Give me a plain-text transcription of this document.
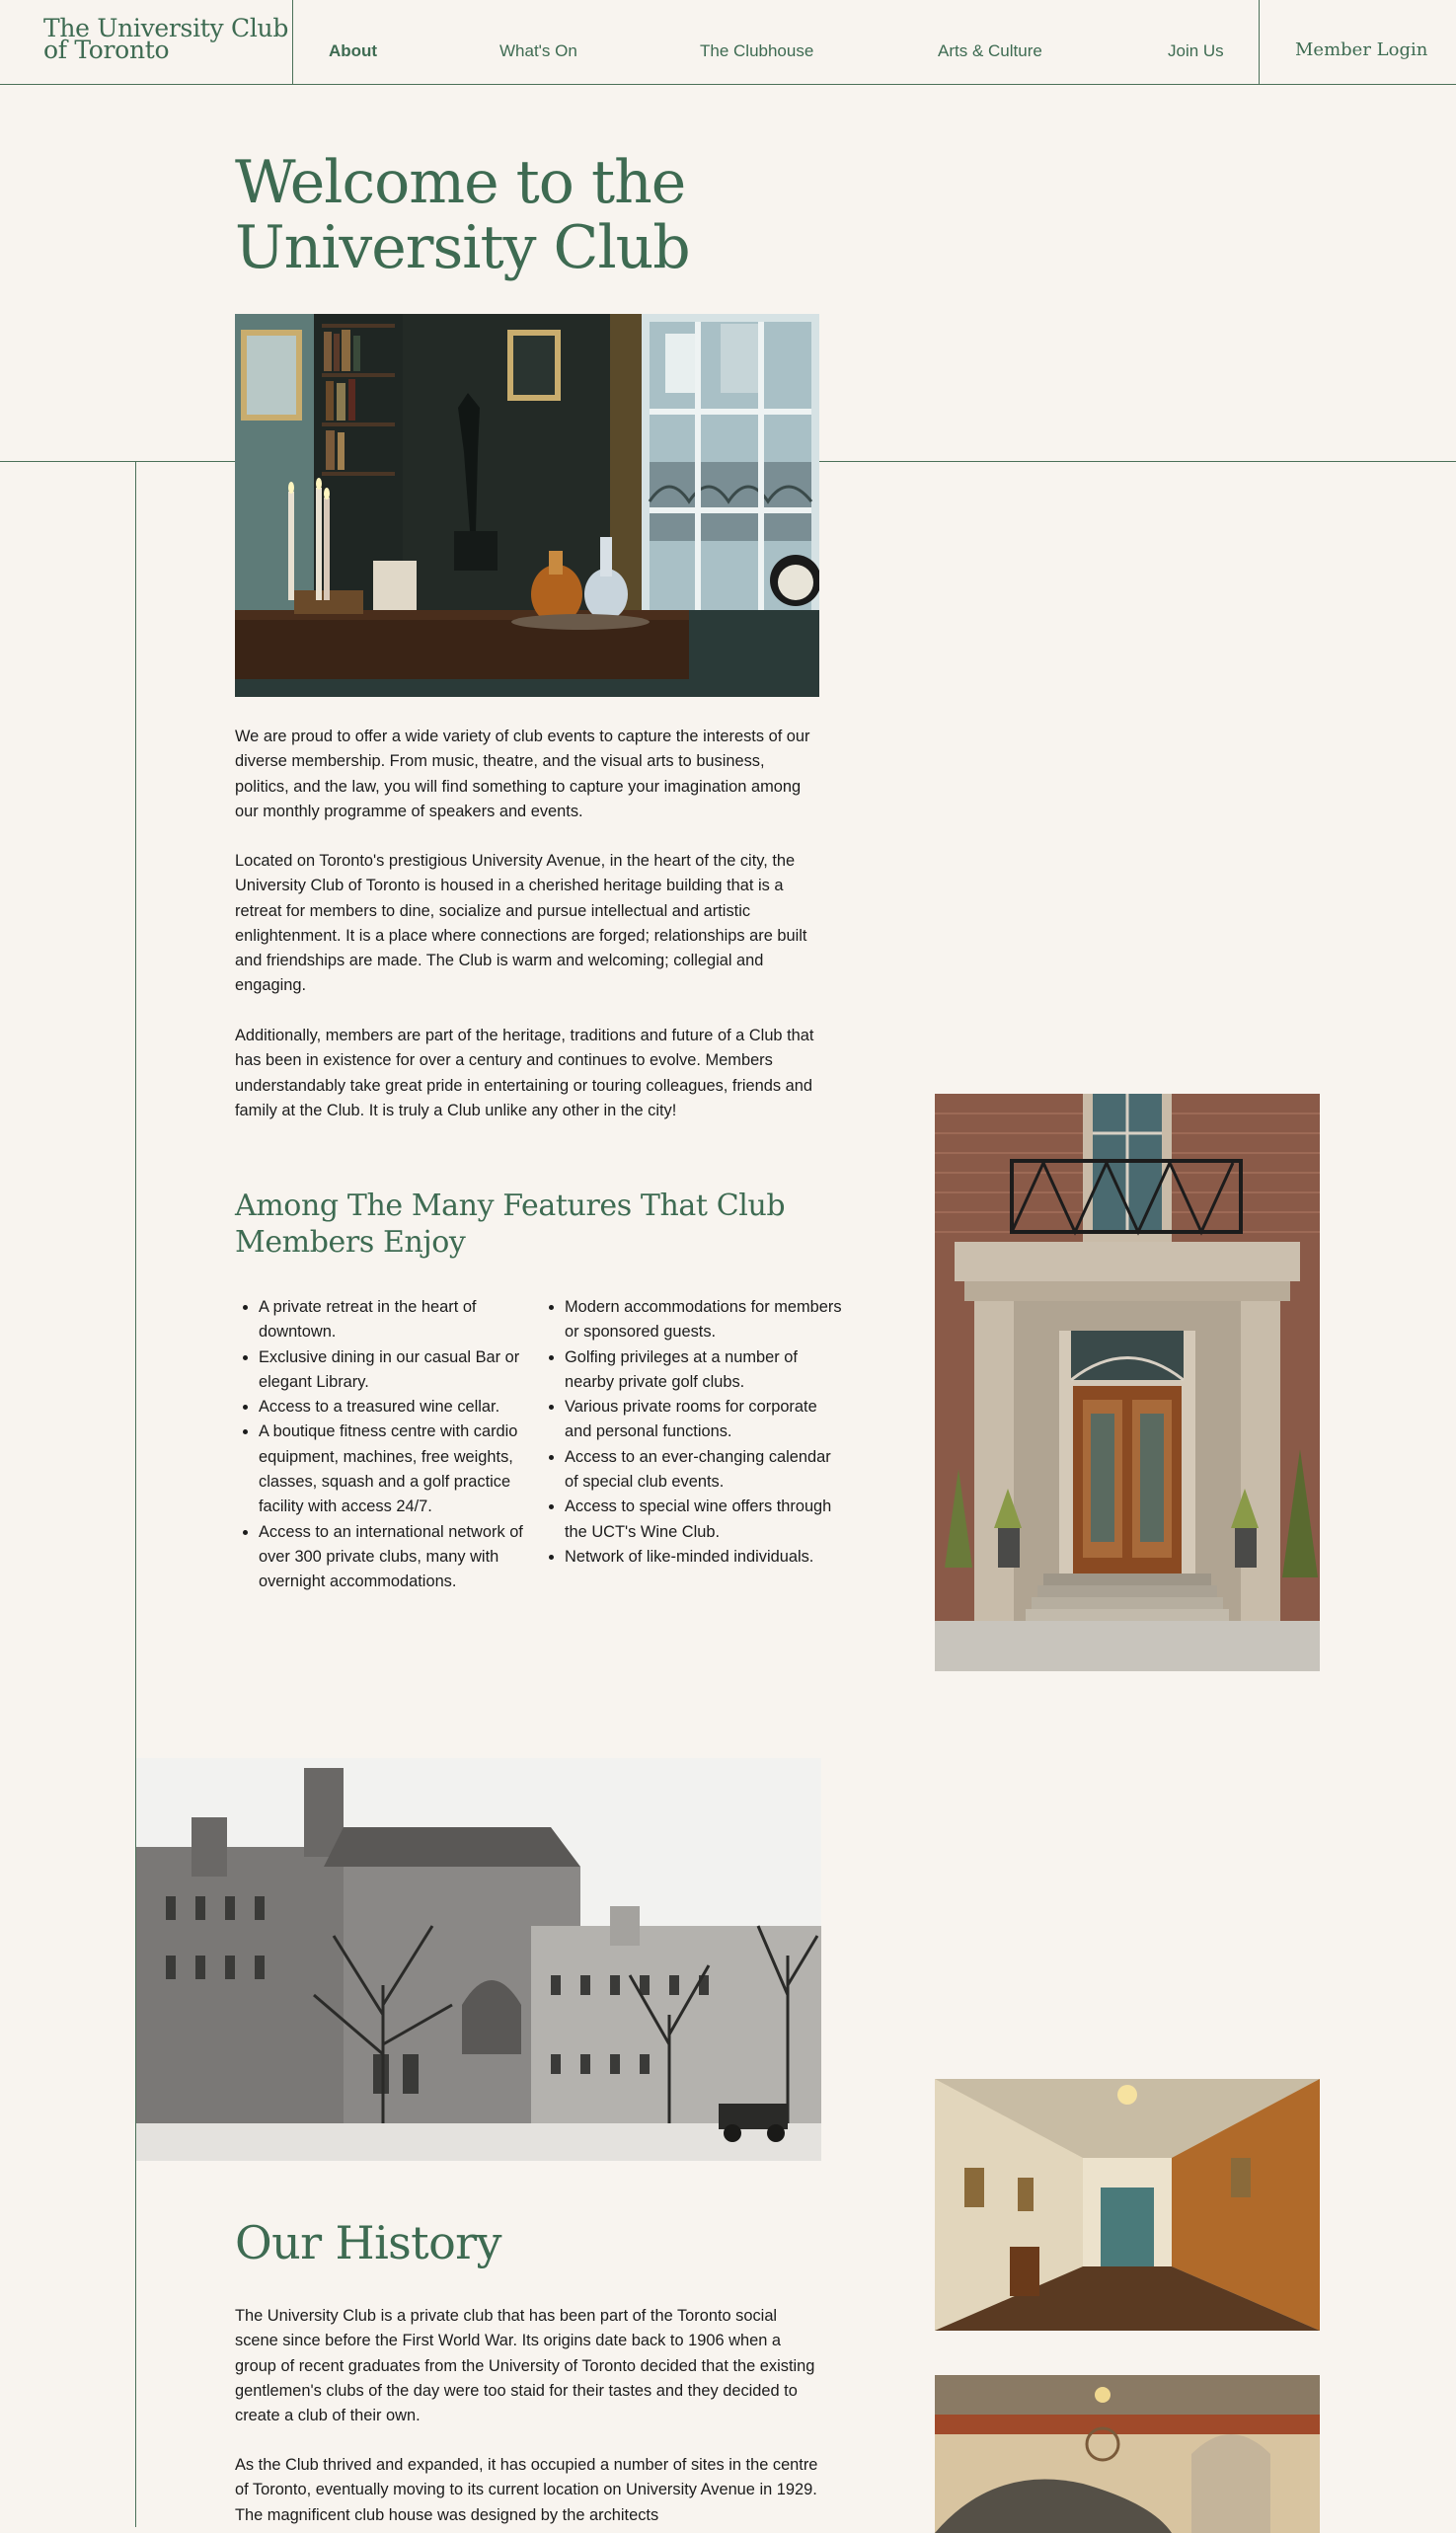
The University Club
of Toronto	About	What's On	The Clubhouse	Arts & Culture	Join Us	Member Login
Welcome to the University Club

We are proud to offer a wide variety of club events to capture the interests of our diverse membership. From music, theatre, and the visual arts to business, politics, and the law, you will find something to capture your imagination among our monthly programme of speakers and events.

Located on Toronto's prestigious University Avenue, in the heart of the city, the University Club of Toronto is housed in a cherished heritage building that is a retreat for members to dine, socialize and pursue intellectual and artistic enlightenment. It is a place where connections are forged; relationships are built and friendships are made. The Club is warm and welcoming; collegial and engaging.

Additionally, members are part of the heritage, traditions and future of a Club that has been in existence for over a century and continues to evolve. Members understandably take great pride in entertaining or touring colleagues, friends and family at the Club. It is truly a Club unlike any other in the city!

Among The Many Features That Club Members Enjoy
• A private retreat in the heart of downtown.
• Exclusive dining in our casual Bar or elegant Library.
• Access to a treasured wine cellar.
• A boutique fitness centre with cardio equipment, machines, free weights, classes, squash and a golf practice facility with access 24/7.
• Access to an international network of over 300 private clubs, many with overnight accommodations.
• Modern accommodations for members or sponsored guests.
• Golfing privileges at a number of nearby private golf clubs.
• Various private rooms for corporate and personal functions.
• Access to an ever-changing calendar of special club events.
• Access to special wine offers through the UCT's Wine Club.
• Network of like-minded individuals.
Our History

The University Club is a private club that has been part of the Toronto social scene since before the First World War. Its origins date back to 1906 when a group of recent graduates from the University of Toronto decided that the existing gentlemen's clubs of the day were too staid for their tastes and they decided to create a club of their own.

As the Club thrived and expanded, it has occupied a number of sites in the centre of Toronto, eventually moving to its current location on University Avenue in 1929. The magnificent club house was designed by the architects
